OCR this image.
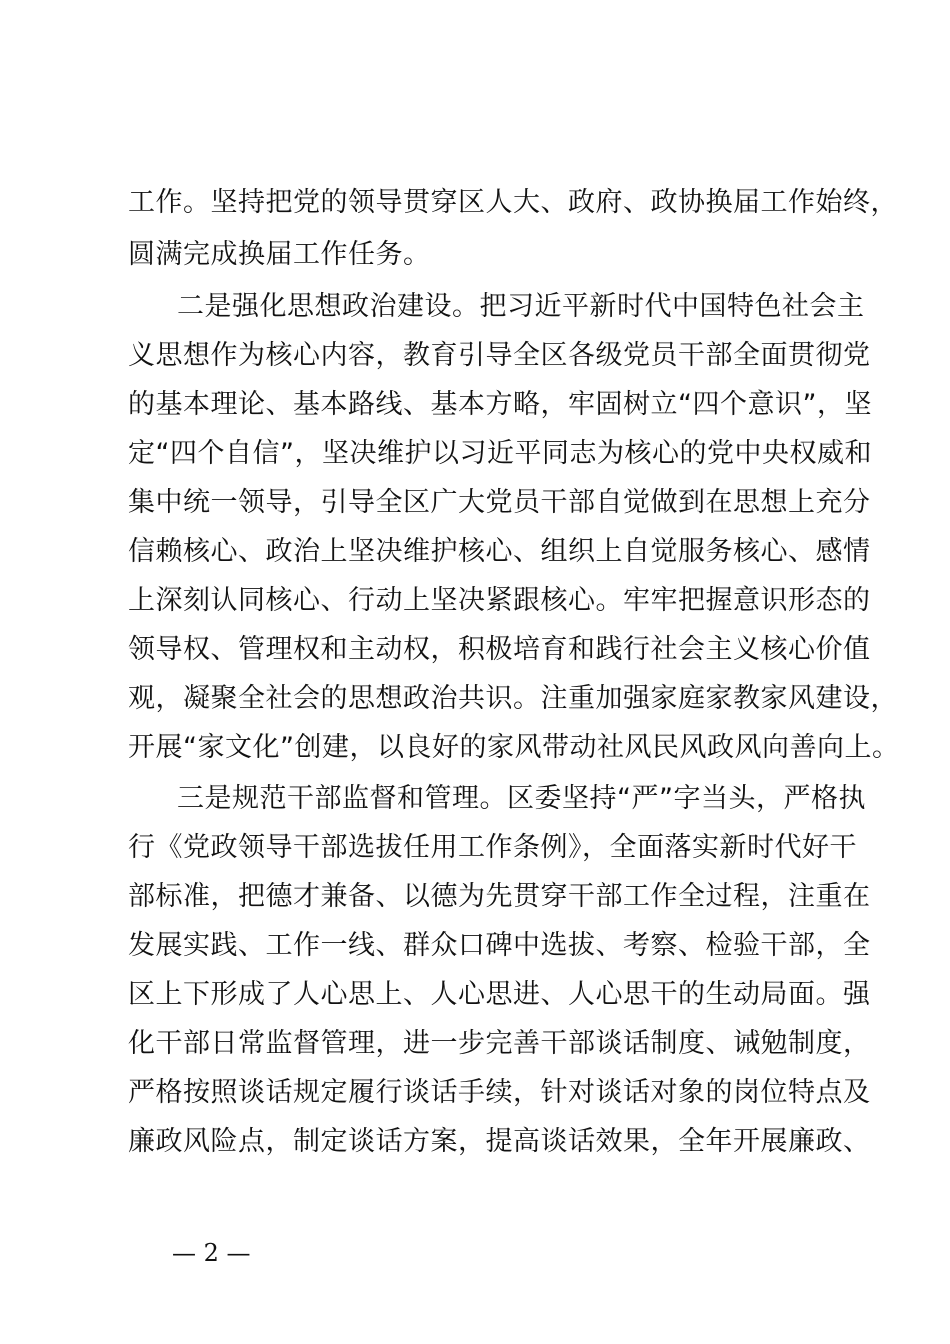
工作。坚持把党的领导贯穿区人大、政府、政协换届工作始终，
圆满完成换届工作任务。
二是强化思想政治建设。把习近平新时代中国特色社会主
义思想作为核心内容，教育引导全区各级党员干部全面贯彻党
的基本理论、基本路线、基本方略，牢固树立“四个意识”，坚
定“四个自信”，坚决维护以习近平同志为核心的党中央权威和
集中统一领导，引导全区广大党员干部自觉做到在思想上充分
信赖核心、政治上坚决维护核心、组织上自觉服务核心、感情
上深刻认同核心、行动上坚决紧跟核心。牢牢把握意识形态的
领导权、管理权和主动权，积极培育和践行社会主义核心价值
观，凝聚全社会的思想政治共识。注重加强家庭家教家风建设，
开展“家文化”创建，以良好的家风带动社风民风政风向善向上。
三是规范干部监督和管理。区委坚持“严”字当头，严格执
行《党政领导干部选拔任用工作条例》，全面落实新时代好干
部标准，把德才兼备、以德为先贯穿干部工作全过程，注重在
发展实践、工作一线、群众口碑中选拔、考察、检验干部，全
区上下形成了人心思上、人心思进、人心思干的生动局面。强
化干部日常监督管理，进一步完善干部谈话制度、诫勉制度，
严格按照谈话规定履行谈话手续，针对谈话对象的岗位特点及
廉政风险点，制定谈话方案，提高谈话效果，全年开展廉政、
— 2 —
